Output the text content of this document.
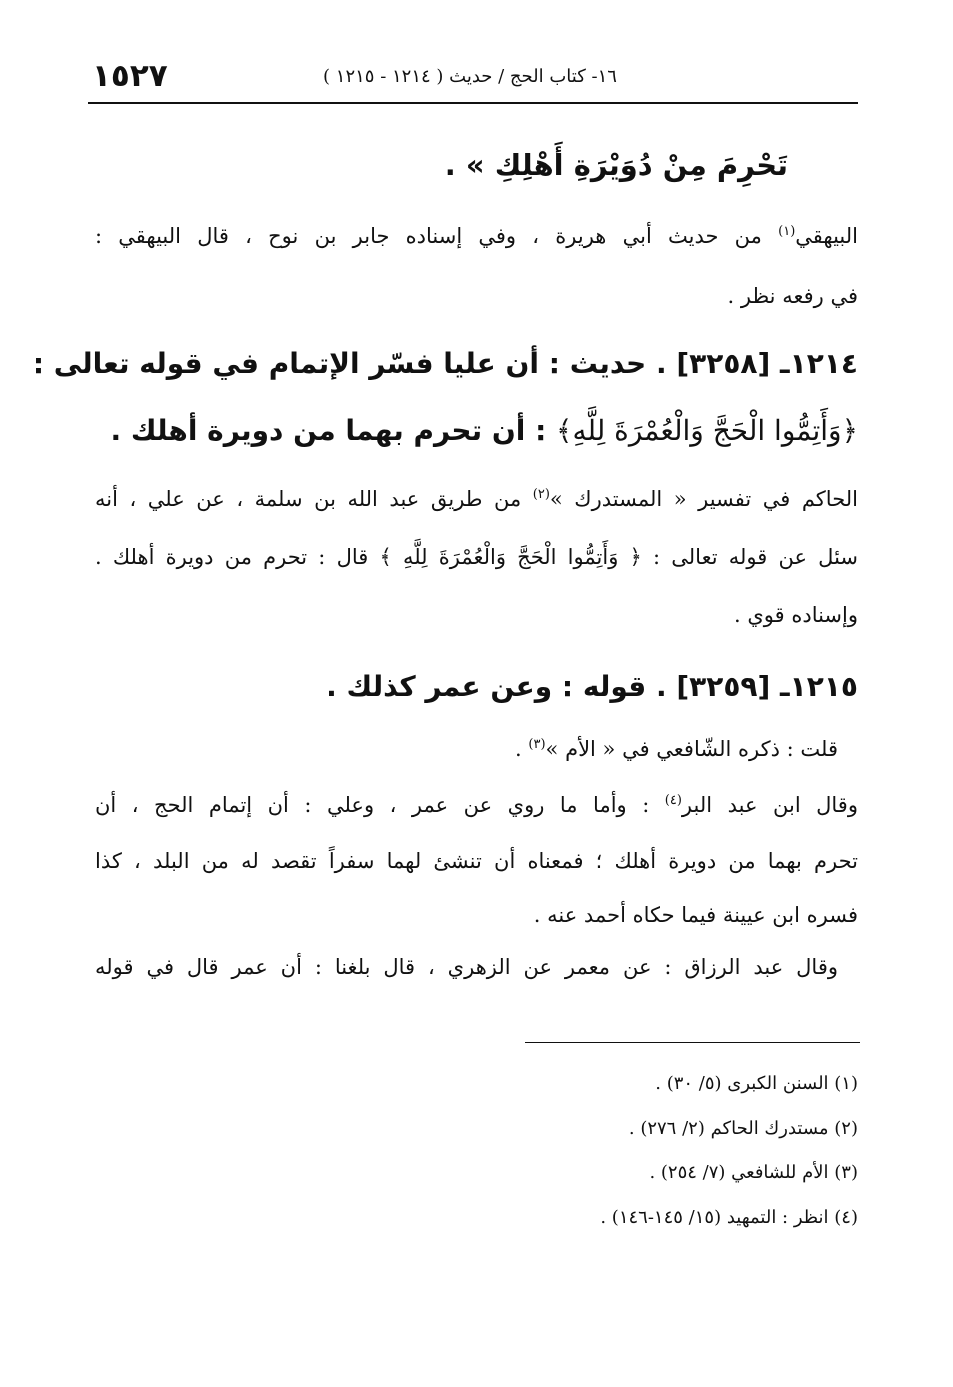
١٥٢٧	١٦- كتاب الحج / حديث ( ١٢١٤ - ١٢١٥ )
تَحْرِمَ مِنْ دُوَيْرَةِ أَهْلِكِ » .
البيهقي$^{(١)}$ من حديث أبي هريرة ، وفي إسناده جابر بن نوح ، قال البيهقي :
في رفعه نظر .
١٢١٤ـ [٣٢٥٨] . حديث : أن عليا فسّر الإتمام في قوله تعالى :
﴿وَأَتِمُّوا الْحَجَّ وَالْعُمْرَةَ لِلَّهِ﴾ : أن تحرم بهما من دويرة أهلك .
الحاكم في تفسير « المستدرك »$^{(٢)}$ من طريق عبد الله بن سلمة ، عن علي ، أنه
سئل عن قوله تعالى : ﴿ وَأَتِمُّوا الْحَجَّ وَالْعُمْرَةَ لِلَّهِ ﴾ قال : تحرم من دويرة أهلك .
وإسناده قوي .
١٢١٥ـ [٣٢٥٩] . قوله : وعن عمر كذلك .
قلت : ذكره الشّافعي في « الأم »$^{(٣)}$ .
وقال ابن عبد البر$^{(٤)}$ : وأما ما روي عن عمر ، وعلي : أن إتمام الحج ، أن
تحرم بهما من دويرة أهلك ؛ فمعناه أن تنشئ لهما سفراً تقصد له من البلد ، كذا
فسره ابن عيينة فيما حكاه أحمد عنه .
وقال عبد الرزاق : عن معمر عن الزهري ، قال بلغنا : أن عمر قال في قوله
(١) السنن الكبرى (٥/ ٣٠) .
(٢) مستدرك الحاكم (٢/ ٢٧٦) .
(٣) الأم للشافعي (٧/ ٢٥٤) .
(٤) انظر : التمهيد (١٥/ ١٤٥-١٤٦) .
